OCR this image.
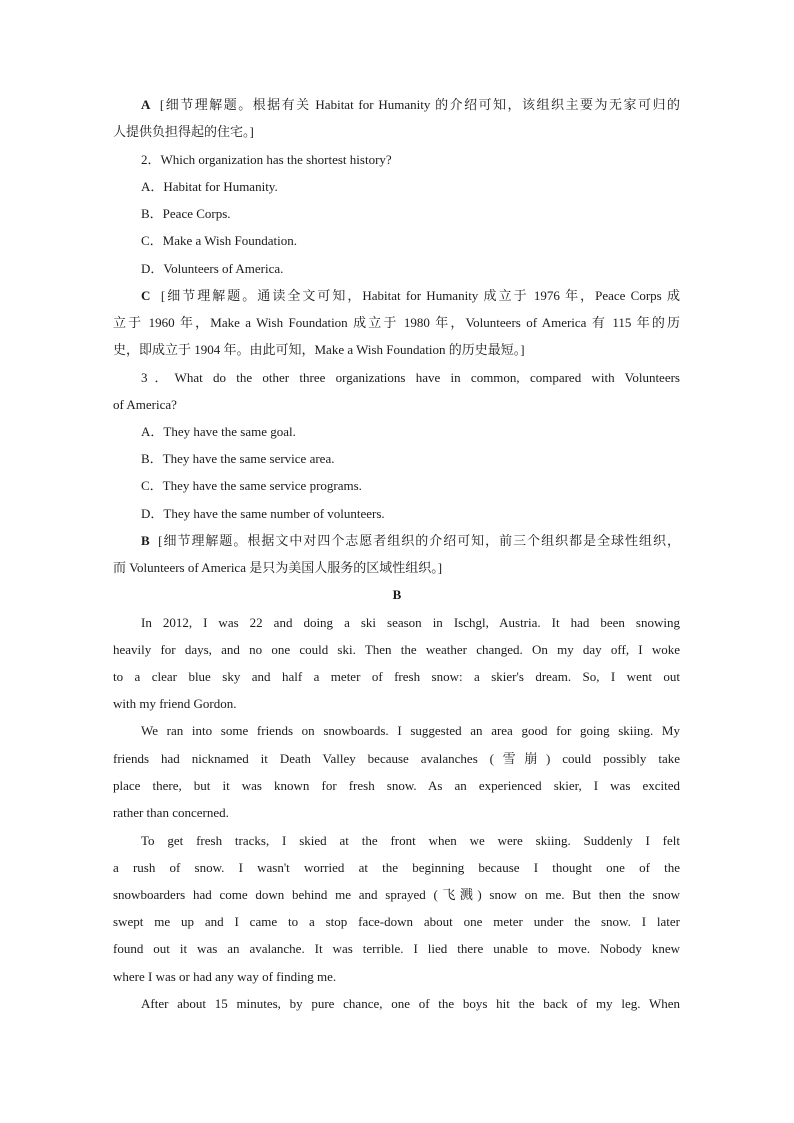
A [细节理解题。根据有关 Habitat for Humanity 的介绍可知，该组织主要为无家可归的
人提供负担得起的住宅。]
2．Which organization has the shortest history?
A．Habitat for Humanity.
B．Peace Corps.
C．Make a Wish Foundation.
D．Volunteers of America.
C [细节理解题。通读全文可知，Habitat for Humanity 成立于 1976 年，Peace Corps 成
立于 1960 年，Make a Wish Foundation 成立于 1980 年，Volunteers of America 有 115 年的历
史，即成立于 1904 年。由此可知，Make a Wish Foundation 的历史最短。]
3．What do the other three organizations have in common, compared with Volunteers
of America?
A．They have the same goal.
B．They have the same service area.
C．They have the same service programs.
D．They have the same number of volunteers.
B [细节理解题。根据文中对四个志愿者组织的介绍可知，前三个组织都是全球性组织，
而 Volunteers of America 是只为美国人服务的区域性组织。]
B
In 2012, I was 22 and doing a ski season in Ischgl, Austria. It had been snowing
heavily for days, and no one could ski. Then the weather changed. On my day off, I woke
to a clear blue sky and half a meter of fresh snow: a skier's dream. So, I went out
with my friend Gordon.
We ran into some friends on snowboards. I suggested an area good for going skiing. My
friends had nicknamed it Death Valley because avalanches (雪崩) could possibly take
place there, but it was known for fresh snow. As an experienced skier, I was excited
rather than concerned.
To get fresh tracks, I skied at the front when we were skiing. Suddenly I felt
a rush of snow. I wasn't worried at the beginning because I thought one of the
snowboarders had come down behind me and sprayed (飞溅) snow on me. But then the snow
swept me up and I came to a stop face-down about one meter under the snow. I later
found out it was an avalanche. It was terrible. I lied there unable to move. Nobody knew
where I was or had any way of finding me.
After about 15 minutes, by pure chance, one of the boys hit the back of my leg. When
